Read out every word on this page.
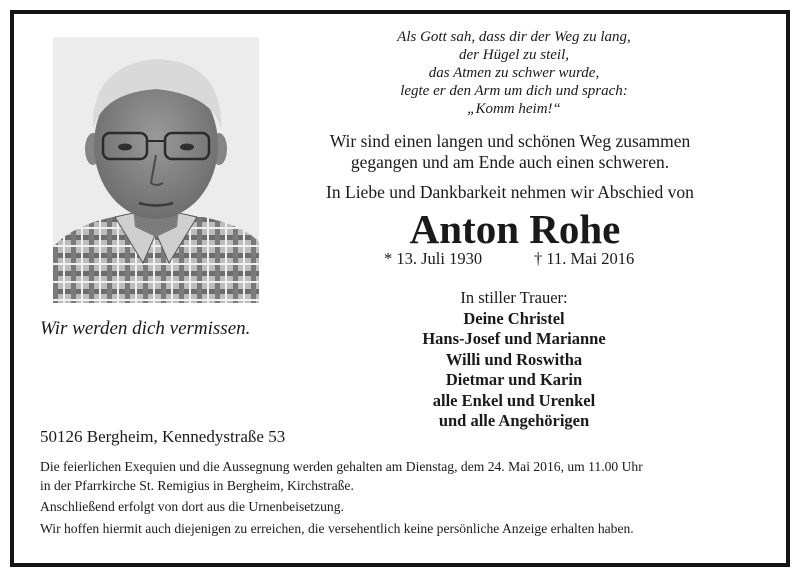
Wir werden dich vermissen.
Als Gott sah, dass dir der Weg zu lang,
der Hügel zu steil,
das Atmen zu schwer wurde,
legte er den Arm um dich und sprach:
„Komm heim!“
Wir sind einen langen und schönen Weg zusammen
gegangen und am Ende auch einen schweren.
In Liebe und Dankbarkeit nehmen wir Abschied von
Anton Rohe
* 13. Juli 1930	† 11. Mai 2016
In stiller Trauer:
Deine Christel
Hans-Josef und Marianne
Willi und Roswitha
Dietmar und Karin
alle Enkel und Urenkel
und alle Angehörigen
50126 Bergheim, Kennedystraße 53
Die feierlichen Exequien und die Aussegnung werden gehalten am Dienstag, dem 24. Mai 2016, um 11.00 Uhr
in der Pfarrkirche St. Remigius in Bergheim, Kirchstraße.
Anschließend erfolgt von dort aus die Urnenbeisetzung.
Wir hoffen hiermit auch diejenigen zu erreichen, die versehentlich keine persönliche Anzeige erhalten haben.
